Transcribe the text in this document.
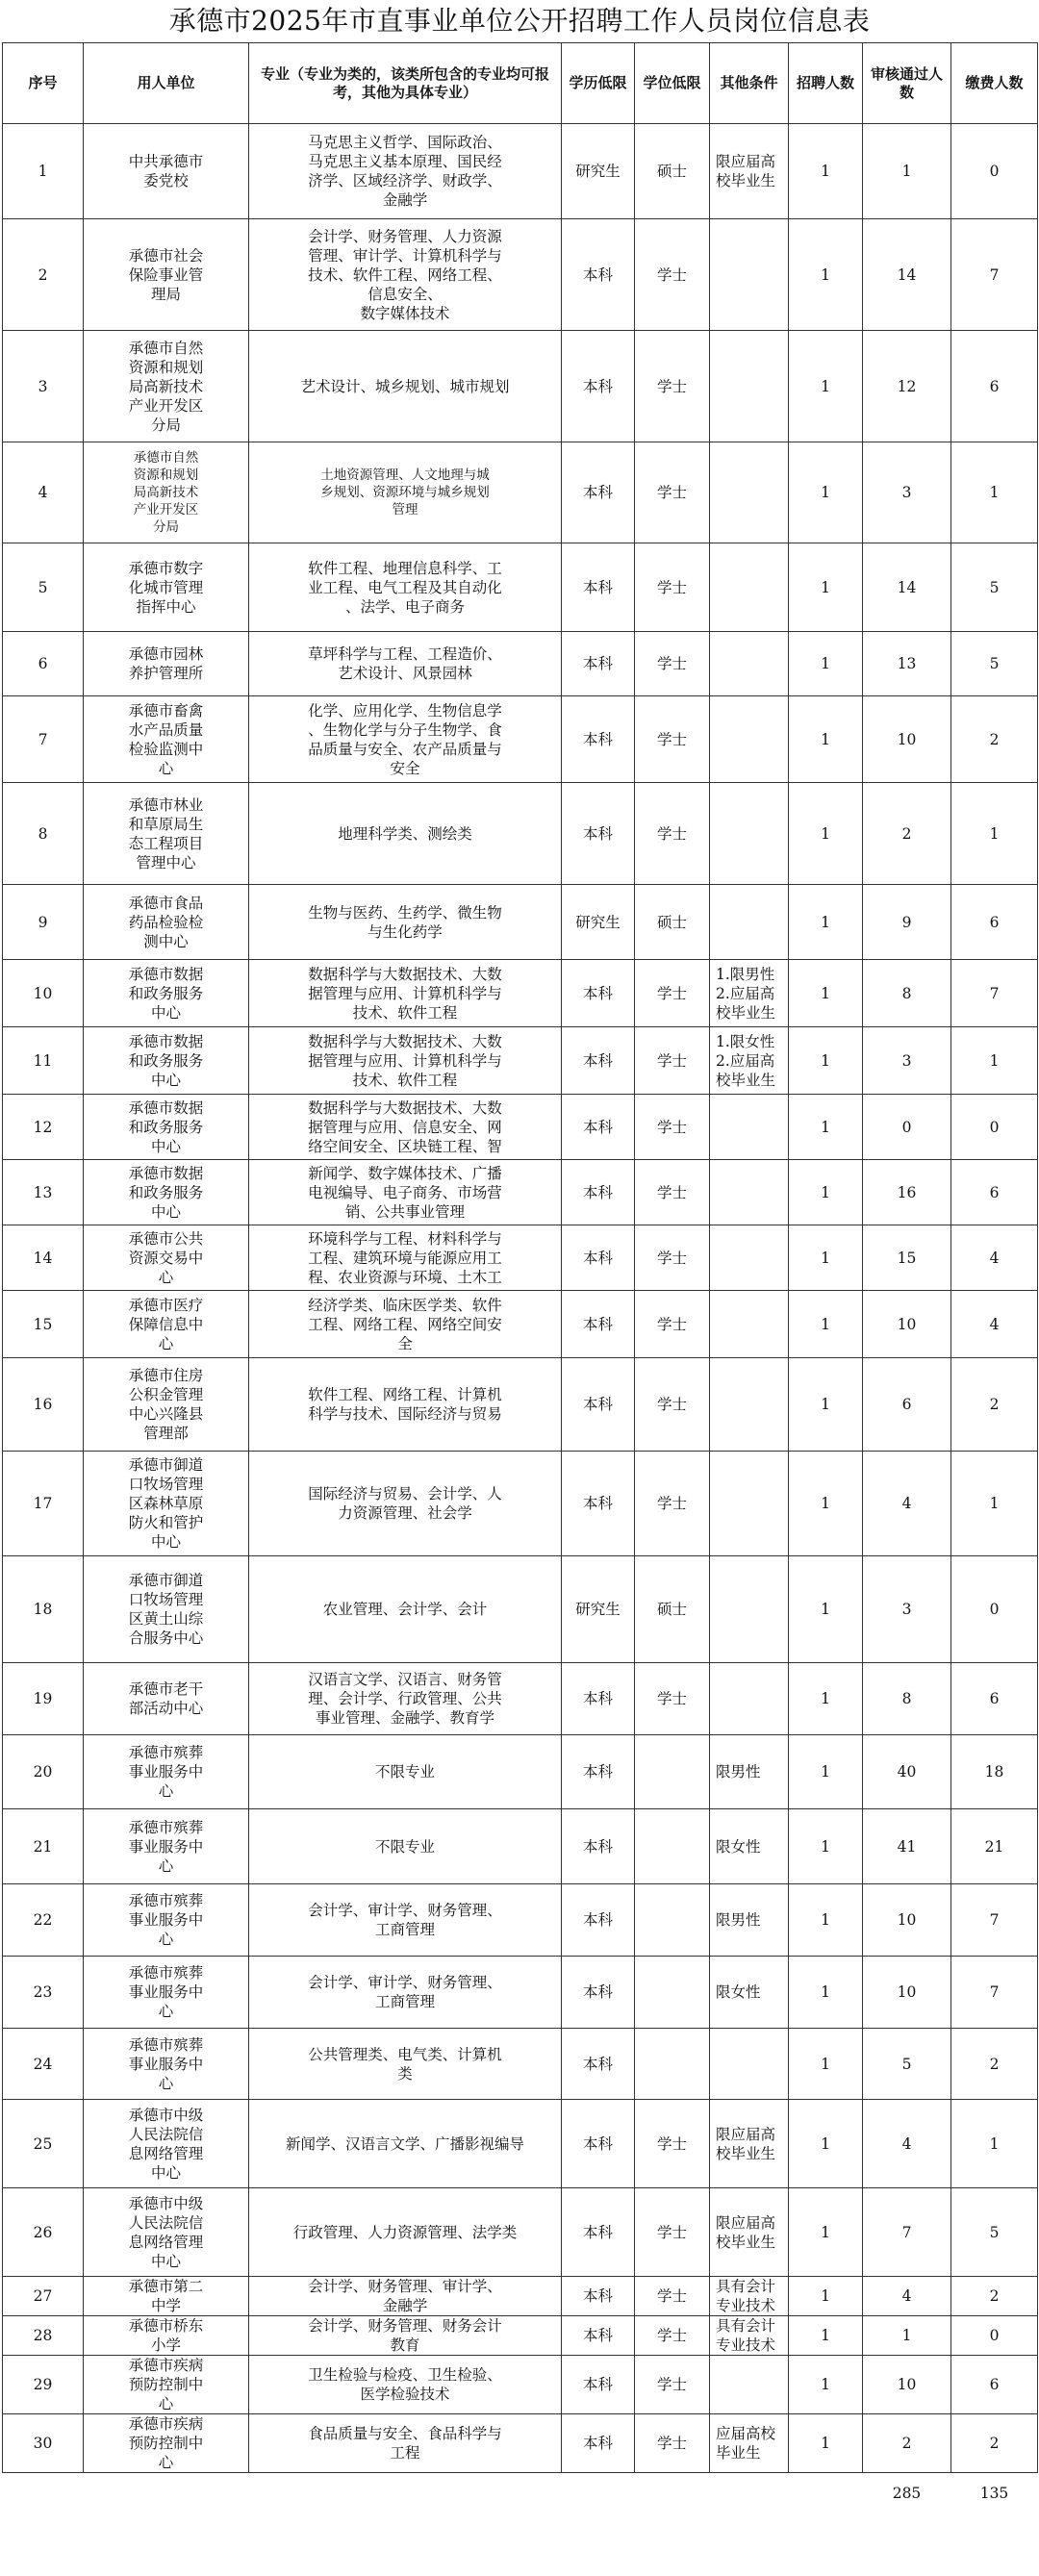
承德市2025年市直事业单位公开招聘工作人员岗位信息表
序号	用人单位	专业（专业为类的，该类所包含的专业均可报考，其他为具体专业）	学历低限	学位低限	其他条件	招聘人数	审核通过人数	缴费人数
1	中共承德市
委党校	马克思主义哲学、国际政治、
马克思主义基本原理、国民经
济学、区域经济学、财政学、
金融学	研究生	硕士	限应届高
校毕业生	1	1	0
2	承德市社会
保险事业管
理局	会计学、财务管理、人力资源
管理、审计学、计算机科学与
技术、软件工程、网络工程、
信息安全、
数字媒体技术	本科	学士		1	14	7
3	承德市自然
资源和规划
局高新技术
产业开发区
分局	艺术设计、城乡规划、城市规划	本科	学士		1	12	6
4	承德市自然
资源和规划
局高新技术
产业开发区
分局	土地资源管理、人文地理与城
乡规划、资源环境与城乡规划
管理	本科	学士		1	3	1
5	承德市数字
化城市管理
指挥中心	软件工程、地理信息科学、工
业工程、电气工程及其自动化
、法学、电子商务	本科	学士		1	14	5
6	承德市园林
养护管理所	草坪科学与工程、工程造价、
艺术设计、风景园林	本科	学士		1	13	5
7	承德市畜禽
水产品质量
检验监测中
心	化学、应用化学、生物信息学
、生物化学与分子生物学、食
品质量与安全、农产品质量与
安全	本科	学士		1	10	2
8	承德市林业
和草原局生
态工程项目
管理中心	地理科学类、测绘类	本科	学士		1	2	1
9	承德市食品
药品检验检
测中心	生物与医药、生药学、微生物
与生化药学	研究生	硕士		1	9	6
10	承德市数据
和政务服务
中心	数据科学与大数据技术、大数
据管理与应用、计算机科学与
技术、软件工程	本科	学士	1.限男性
2.应届高
校毕业生	1	8	7
11	承德市数据
和政务服务
中心	数据科学与大数据技术、大数
据管理与应用、计算机科学与
技术、软件工程	本科	学士	1.限女性
2.应届高
校毕业生	1	3	1
12	承德市数据
和政务服务
中心	数据科学与大数据技术、大数
据管理与应用、信息安全、网
络空间安全、区块链工程、智	本科	学士		1	0	0
13	承德市数据
和政务服务
中心	新闻学、数字媒体技术、广播
电视编导、电子商务、市场营
销、公共事业管理	本科	学士		1	16	6
14	承德市公共
资源交易中
心	环境科学与工程、材料科学与
工程、建筑环境与能源应用工
程、农业资源与环境、土木工	本科	学士		1	15	4
15	承德市医疗
保障信息中
心	经济学类、临床医学类、软件
工程、网络工程、网络空间安
全	本科	学士		1	10	4
16	承德市住房
公积金管理
中心兴隆县
管理部	软件工程、网络工程、计算机
科学与技术、国际经济与贸易	本科	学士		1	6	2
17	承德市御道
口牧场管理
区森林草原
防火和管护
中心	国际经济与贸易、会计学、人
力资源管理、社会学	本科	学士		1	4	1
18	承德市御道
口牧场管理
区黄土山综
合服务中心	农业管理、会计学、会计	研究生	硕士		1	3	0
19	承德市老干
部活动中心	汉语言文学、汉语言、财务管
理、会计学、行政管理、公共
事业管理、金融学、教育学	本科	学士		1	8	6
20	承德市殡葬
事业服务中
心	不限专业	本科		限男性	1	40	18
21	承德市殡葬
事业服务中
心	不限专业	本科		限女性	1	41	21
22	承德市殡葬
事业服务中
心	会计学、审计学、财务管理、
工商管理	本科		限男性	1	10	7
23	承德市殡葬
事业服务中
心	会计学、审计学、财务管理、
工商管理	本科		限女性	1	10	7
24	承德市殡葬
事业服务中
心	公共管理类、电气类、计算机
类	本科			1	5	2
25	承德市中级
人民法院信
息网络管理
中心	新闻学、汉语言文学、广播影视编导	本科	学士	限应届高
校毕业生	1	4	1
26	承德市中级
人民法院信
息网络管理
中心	行政管理、人力资源管理、法学类	本科	学士	限应届高
校毕业生	1	7	5
27	承德市第二
中学	会计学、财务管理、审计学、
金融学	本科	学士	具有会计
专业技术	1	4	2
28	承德市桥东
小学	会计学、财务管理、财务会计
教育	本科	学士	具有会计
专业技术	1	1	0
29	承德市疾病
预防控制中
心	卫生检验与检疫、卫生检验、
医学检验技术	本科	学士		1	10	6
30	承德市疾病
预防控制中
心	食品质量与安全、食品科学与
工程	本科	学士	应届高校
毕业生	1	2	2
							285	135
